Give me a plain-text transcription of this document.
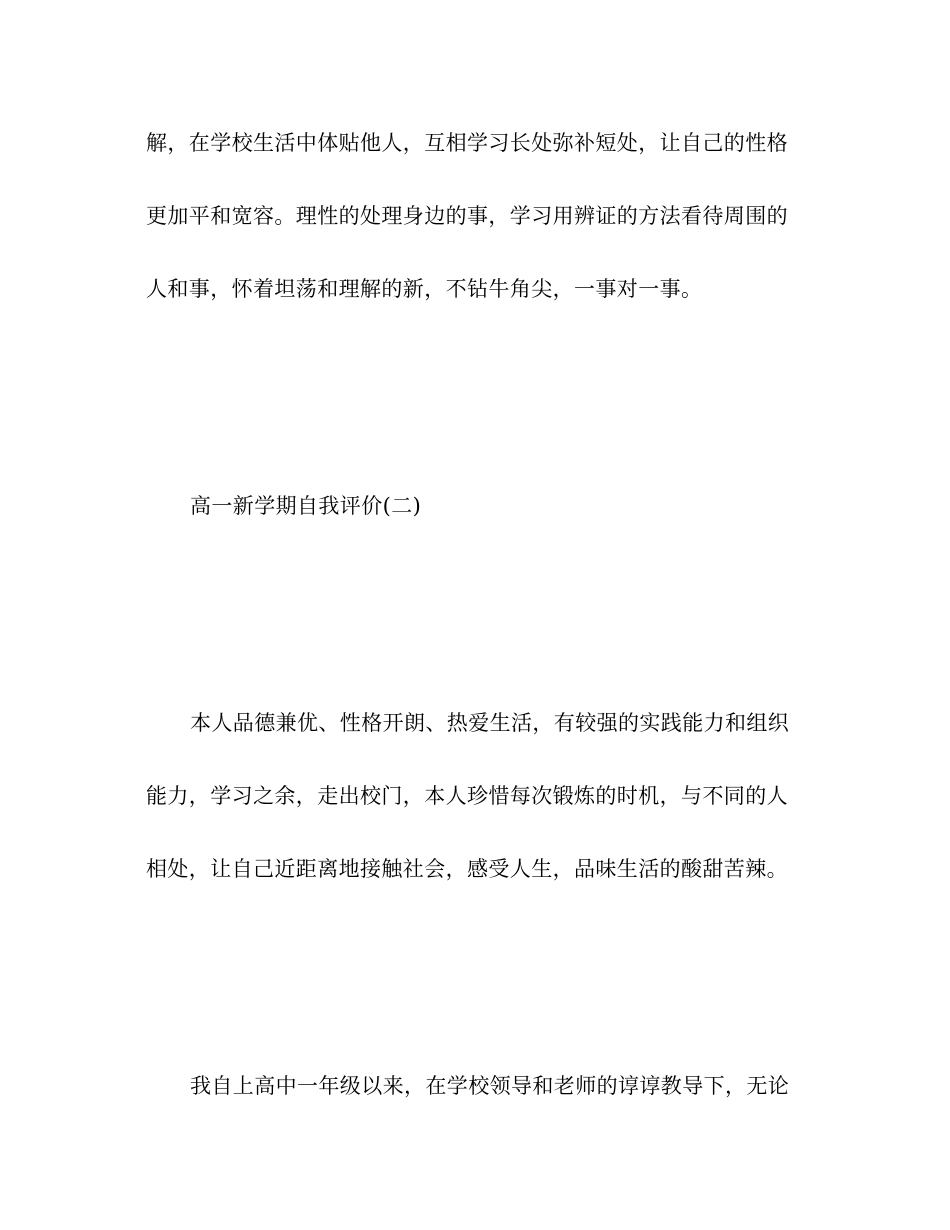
解，在学校生活中体贴他人，互相学习长处弥补短处，让自己的性格
更加平和宽容。理性的处理身边的事，学习用辨证的方法看待周围的
人和事，怀着坦荡和理解的新，不钻牛角尖，一事对一事。
高一新学期自我评价(二)
本人品德兼优、性格开朗、热爱生活，有较强的实践能力和组织
能力，学习之余，走出校门，本人珍惜每次锻炼的时机，与不同的人
相处，让自己近距离地接触社会，感受人生，品味生活的酸甜苦辣。
我自上高中一年级以来，在学校领导和老师的谆谆教导下，无论
